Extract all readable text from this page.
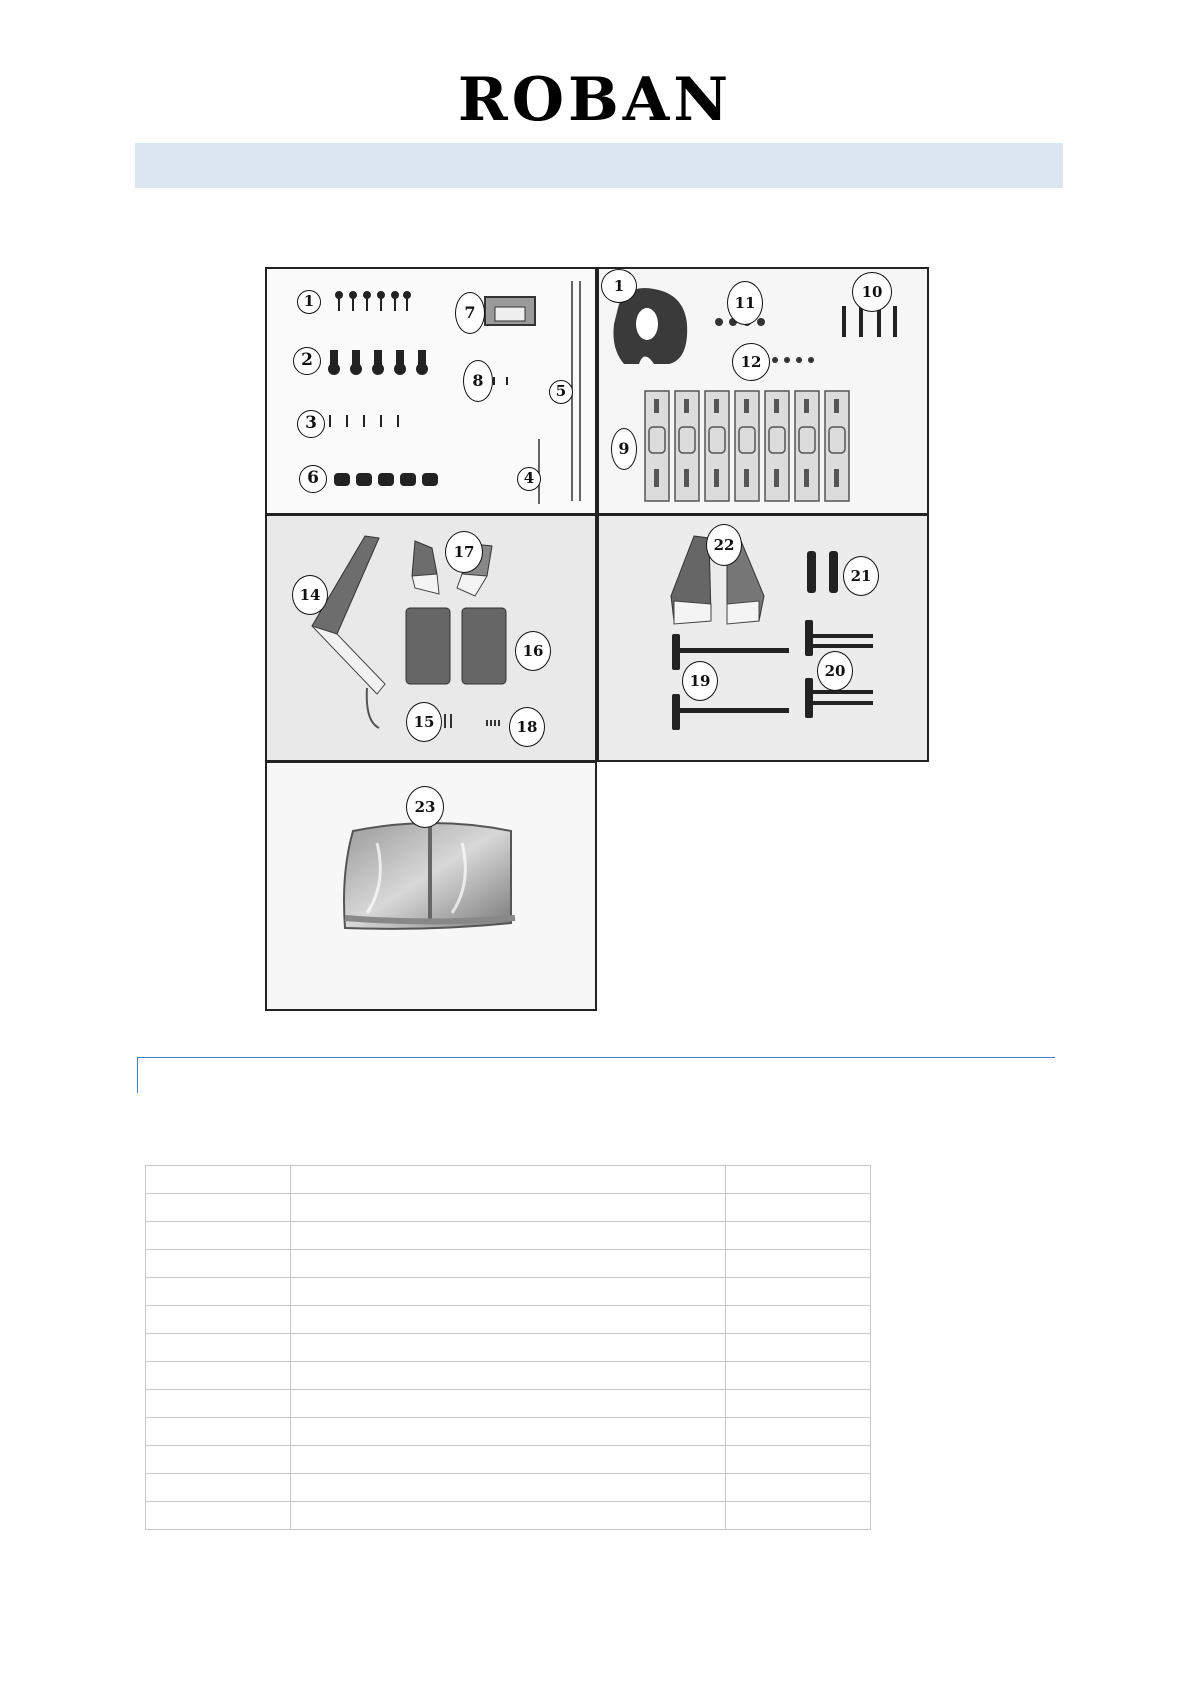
ROBAN
1
2
3
6
7
8
5
4
1
11
10
12
9
17
14
16
15	18
22
21
19
20
23
